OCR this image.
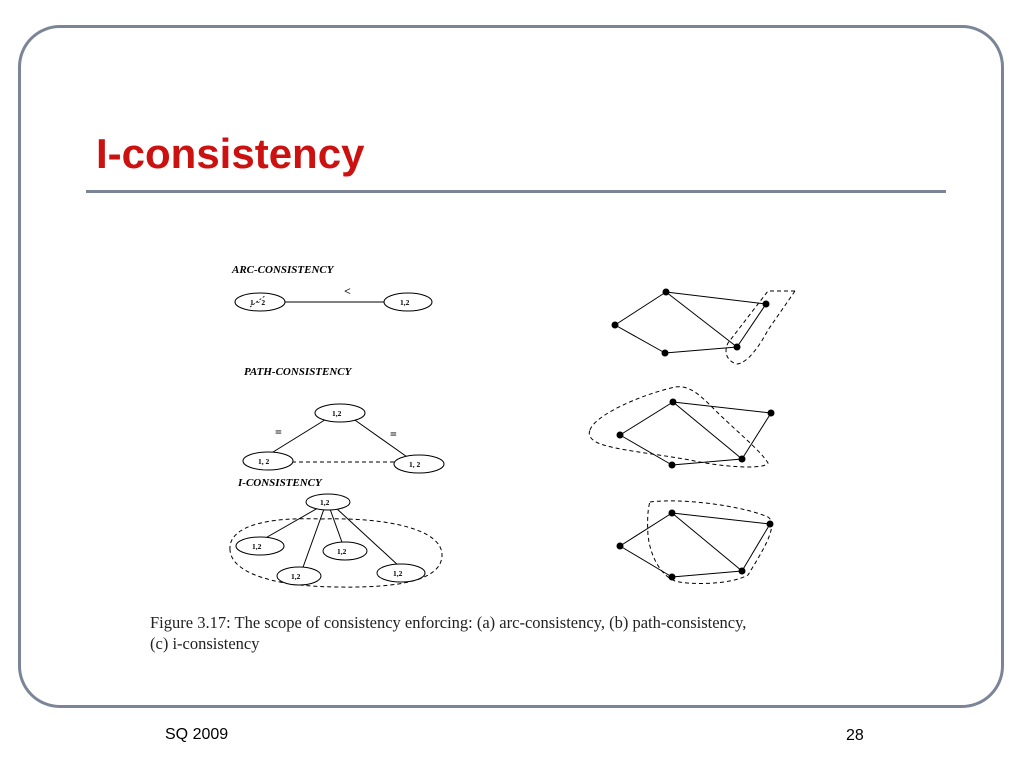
I-consistency
ARC-CONSISTENCY
<
1 ~ 2	1,2
PATH-CONSISTENCY
1,2
1, 2	1, 2
=	=
I-CONSISTENCY
1,2
1,2
1,2
1,2	1,2
Figure 3.17: The scope of consistency enforcing: (a) arc-consistency, (b) path-consistency,
(c) i-consistency
SQ 2009	28
